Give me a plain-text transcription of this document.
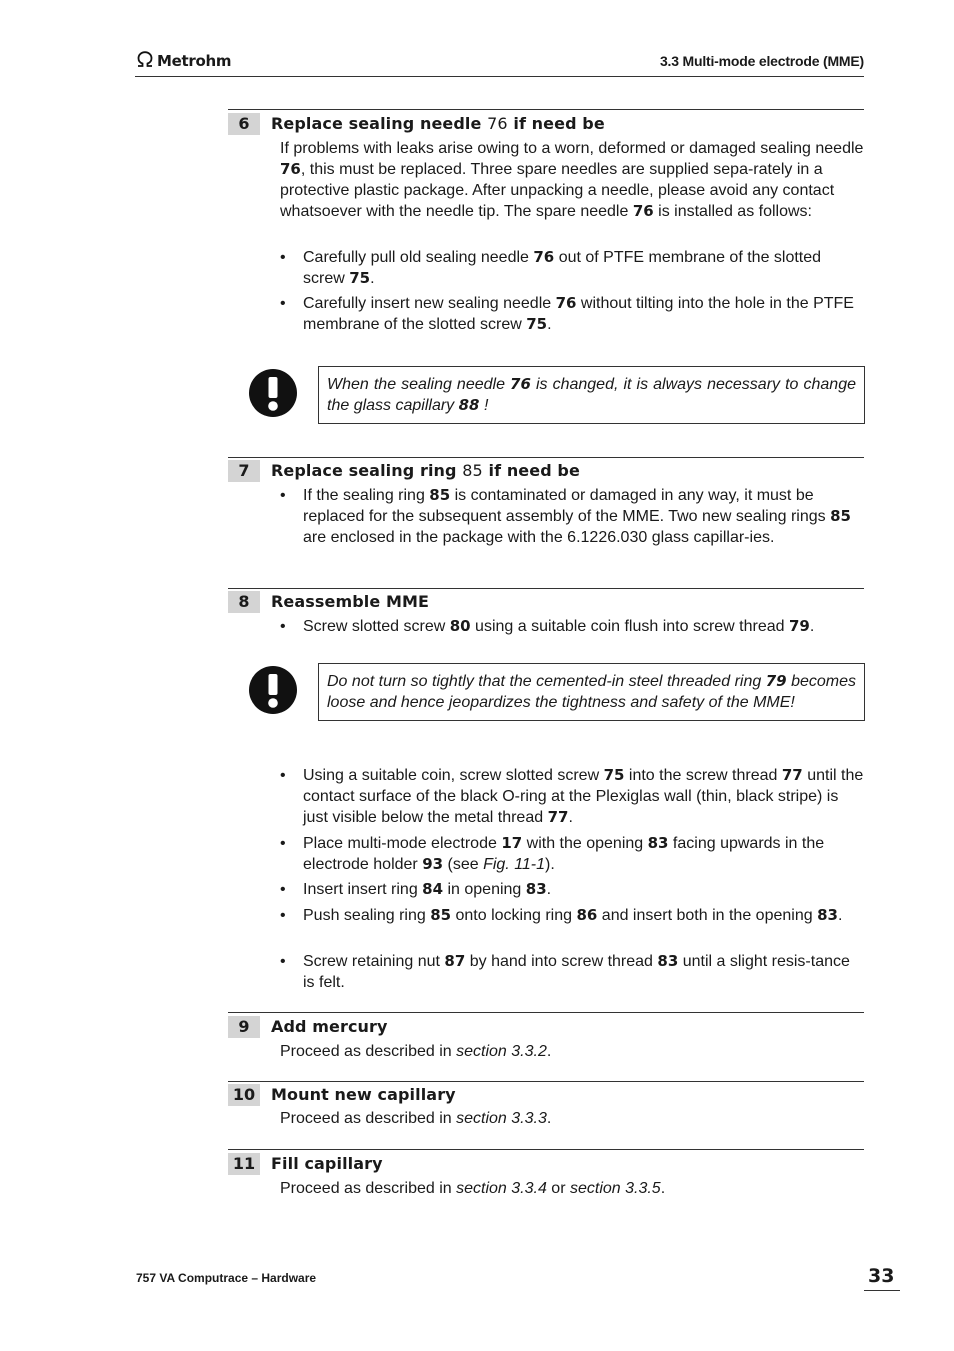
Metrohm	3.3 Multi-mode electrode (MME)
6	Replace sealing needle 76 if need be

If problems with leaks arise owing to a worn, deformed or damaged sealing needle 76, this must be replaced. Three spare needles are supplied sepa-rately in a protective plastic package. After unpacking a needle, please avoid any contact whatsoever with the needle tip. The spare needle 76 is installed as follows:

•	Carefully pull old sealing needle 76 out of PTFE membrane of the slotted screw 75.
•	Carefully insert new sealing needle 76 without tilting into the hole in the PTFE membrane of the slotted screw 75.
When the sealing needle 76 is changed, it is always necessary to change the glass capillary 88 !
7	Replace sealing ring 85 if need be
•	If the sealing ring 85 is contaminated or damaged in any way, it must be replaced for the subsequent assembly of the MME. Two new sealing rings 85 are enclosed in the package with the 6.1226.030 glass capillar-ies.
8	Reassemble MME
•	Screw slotted screw 80 using a suitable coin flush into screw thread 79.
Do not turn so tightly that the cemented-in steel threaded ring 79 becomes loose and hence jeopardizes the tightness and safety of the MME!
•	Using a suitable coin, screw slotted screw 75 into the screw thread 77 until the contact surface of the black O-ring at the Plexiglas wall (thin, black stripe) is just visible below the metal thread 77.
•	Place multi-mode electrode 17 with the opening 83 facing upwards in the electrode holder 93 (see Fig. 11-1).
•	Insert insert ring 84 in opening 83.
•	Push sealing ring 85 onto locking ring 86 and insert both in the opening 83.
•	Screw retaining nut 87 by hand into screw thread 83 until a slight resis-tance is felt.
9	Add mercury

Proceed as described in section 3.3.2.

10 Mount new capillary

Proceed as described in section 3.3.3.

11 Fill capillary

Proceed as described in section 3.3.4 or section 3.3.5.

757 VA Computrace – Hardware	33
